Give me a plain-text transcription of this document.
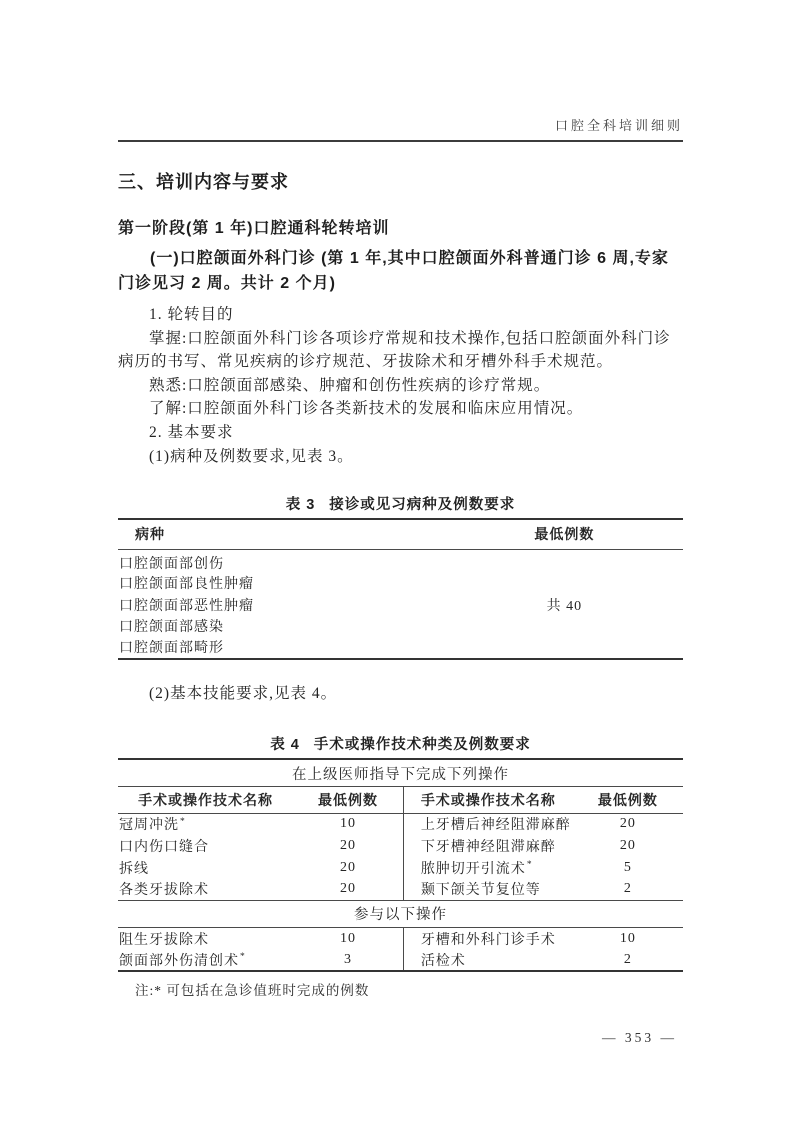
口腔全科培训细则
三、培训内容与要求
第一阶段(第 1 年)口腔通科轮转培训
(一)口腔颌面外科门诊 (第 1 年,其中口腔颌面外科普通门诊 6 周,专家门诊见习 2 周。共计 2 个月)

1. 轮转目的

掌握:口腔颌面外科门诊各项诊疗常规和技术操作,包括口腔颌面外科门诊病历的书写、常见疾病的诊疗规范、牙拔除术和牙槽外科手术规范。

熟悉:口腔颌面部感染、肿瘤和创伤性疾病的诊疗常规。

了解:口腔颌面外科门诊各类新技术的发展和临床应用情况。

2. 基本要求

(1)病种及例数要求,见表 3。

表 3 接诊或见习病种及例数要求
病种	最低例数
口腔颌面部创伤	共 40
口腔颌面部良性肿瘤	
口腔颌面部恶性肿瘤	
口腔颌面部感染	
口腔颌面部畸形	

(2)基本技能要求,见表 4。

表 4 手术或操作技术种类及例数要求
在上级医师指导下完成下列操作			
手术或操作技术名称	最低例数	手术或操作技术名称	最低例数
冠周冲洗*	10	上牙槽后神经阻滞麻醉	20
口内伤口缝合	20	下牙槽神经阻滞麻醉	20
拆线	20	脓肿切开引流术*	5
各类牙拔除术	20	颞下颌关节复位等	2
参与以下操作			
阻生牙拔除术	10	牙槽和外科门诊手术	10
颌面部外伤清创术*	3	活检术	2
注:* 可包括在急诊值班时完成的例数
— 353 —
